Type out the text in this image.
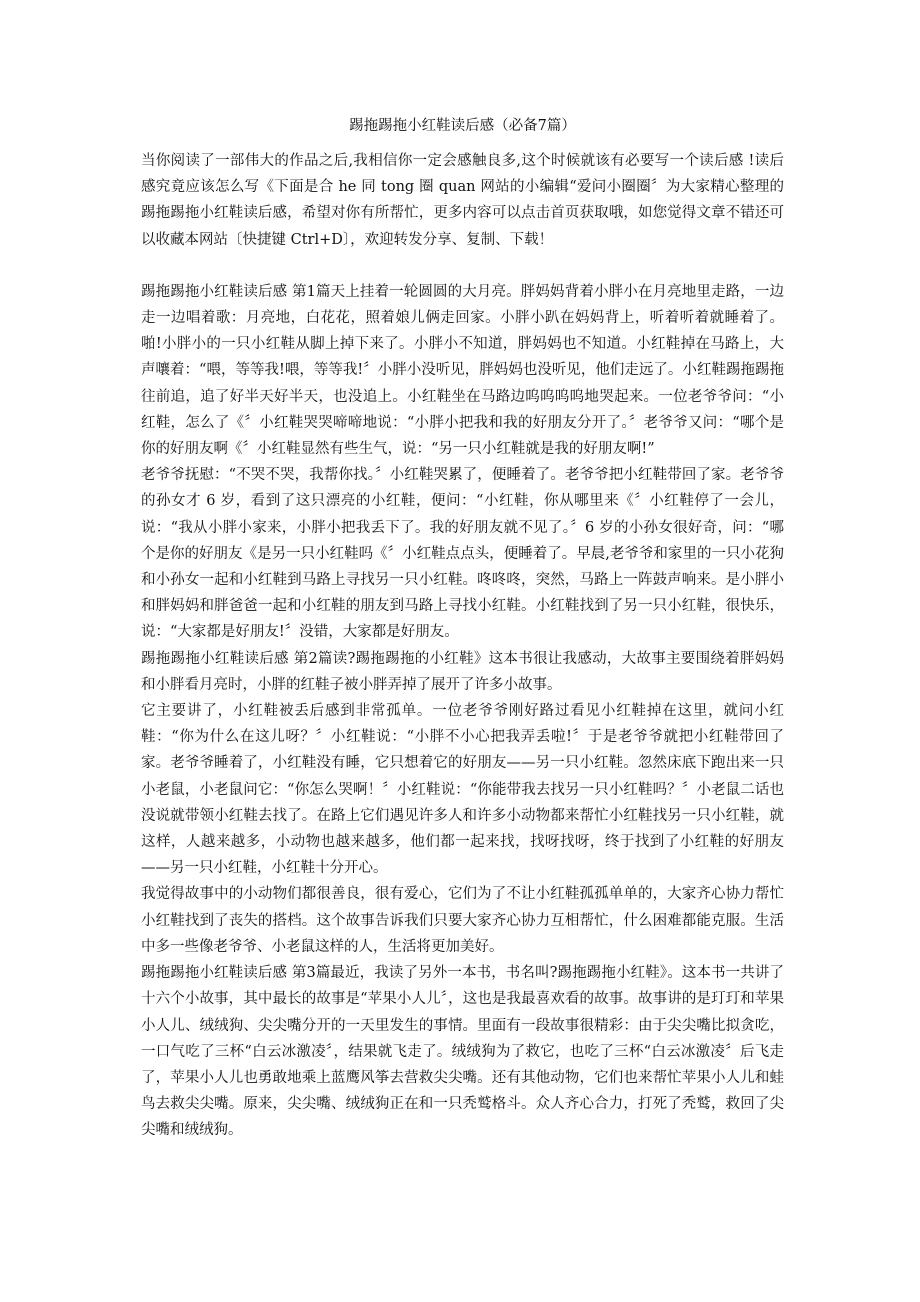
踢拖踢拖小红鞋读后感（必备7篇）

当你阅读了一部伟大的作品之后,我相信你一定会感触良多,这个时候就该有必要写一个读后感 !读后感究竟应该怎么写《下面是合 he 同 tong 圈 quan 网站的小编辑“爱问小圈圈〞为大家精心整理的踢拖踢拖小红鞋读后感，希望对你有所帮忙，更多内容可以点击首页获取哦，如您觉得文章不错还可以收藏本网站〔快捷键 Ctrl+D〕，欢迎转发分享、复制、下载！

踢拖踢拖小红鞋读后感 第1篇天上挂着一轮圆圆的大月亮。胖妈妈背着小胖小在月亮地里走路，一边走一边唱着歌：月亮地，白花花，照着娘儿俩走回家。小胖小趴在妈妈背上，听着听着就睡着了。啪!小胖小的一只小红鞋从脚上掉下来了。小胖小不知道，胖妈妈也不知道。小红鞋掉在马路上，大声嚷着：“喂，等等我!喂，等等我!〞小胖小没听见，胖妈妈也没听见，他们走远了。小红鞋踢拖踢拖往前追，追了好半天好半天，也没追上。小红鞋坐在马路边呜呜呜呜地哭起来。一位老爷爷问：“小红鞋，怎么了《〞小红鞋哭哭啼啼地说：“小胖小把我和我的好朋友分开了。〞老爷爷又问：“哪个是你的好朋友啊《〞小红鞋显然有些生气，说：“另一只小红鞋就是我的好朋友啊!”

老爷爷抚慰：“不哭不哭，我帮你找。〞小红鞋哭累了，便睡着了。老爷爷把小红鞋带回了家。老爷爷的孙女才 6 岁，看到了这只漂亮的小红鞋，便问：“小红鞋，你从哪里来《〞小红鞋停了一会儿，说：“我从小胖小家来，小胖小把我丢下了。我的好朋友就不见了。〞6 岁的小孙女很好奇，问：“哪个是你的好朋友《是另一只小红鞋吗《〞小红鞋点点头，便睡着了。早晨,老爷爷和家里的一只小花狗和小孙女一起和小红鞋到马路上寻找另一只小红鞋。咚咚咚，突然，马路上一阵鼓声响来。是小胖小和胖妈妈和胖爸爸一起和小红鞋的朋友到马路上寻找小红鞋。小红鞋找到了另一只小红鞋，很快乐，说：“大家都是好朋友!〞没错，大家都是好朋友。

踢拖踢拖小红鞋读后感 第2篇读?踢拖踢拖的小红鞋》这本书很让我感动，大故事主要围绕着胖妈妈和小胖看月亮时，小胖的红鞋子被小胖弄掉了展开了许多小故事。

它主要讲了，小红鞋被丢后感到非常孤单。一位老爷爷刚好路过看见小红鞋掉在这里，就问小红鞋：“你为什么在这儿呀？〞小红鞋说：“小胖不小心把我弄丢啦!〞于是老爷爷就把小红鞋带回了家。老爷爷睡着了，小红鞋没有睡，它只想着它的好朋友——另一只小红鞋。忽然床底下跑出来一只小老鼠，小老鼠问它：“你怎么哭啊！〞小红鞋说：“你能带我去找另一只小红鞋吗？〞小老鼠二话也没说就带领小红鞋去找了。在路上它们遇见许多人和许多小动物都来帮忙小红鞋找另一只小红鞋，就这样，人越来越多，小动物也越来越多，他们都一起来找，找呀找呀，终于找到了小红鞋的好朋友——另一只小红鞋，小红鞋十分开心。

我觉得故事中的小动物们都很善良，很有爱心，它们为了不让小红鞋孤孤单单的，大家齐心协力帮忙小红鞋找到了丧失的搭档。这个故事告诉我们只要大家齐心协力互相帮忙，什么困难都能克服。生活中多一些像老爷爷、小老鼠这样的人，生活将更加美好。

踢拖踢拖小红鞋读后感 第3篇最近，我读了另外一本书，书名叫?踢拖踢拖小红鞋》。这本书一共讲了十六个小故事，其中最长的故事是“苹果小人儿〞，这也是我最喜欢看的故事。故事讲的是玎玎和苹果小人儿、绒绒狗、尖尖嘴分开的一天里发生的事情。里面有一段故事很精彩：由于尖尖嘴比拟贪吃，一口气吃了三杯“白云冰激凌〞，结果就飞走了。绒绒狗为了救它，也吃了三杯“白云冰激凌〞后飞走了，苹果小人儿也勇敢地乘上蓝鹰风筝去营救尖尖嘴。还有其他动物，它们也来帮忙苹果小人儿和蛙鸟去救尖尖嘴。原来，尖尖嘴、绒绒狗正在和一只秃鹫格斗。众人齐心合力，打死了秃鹫，救回了尖尖嘴和绒绒狗。
